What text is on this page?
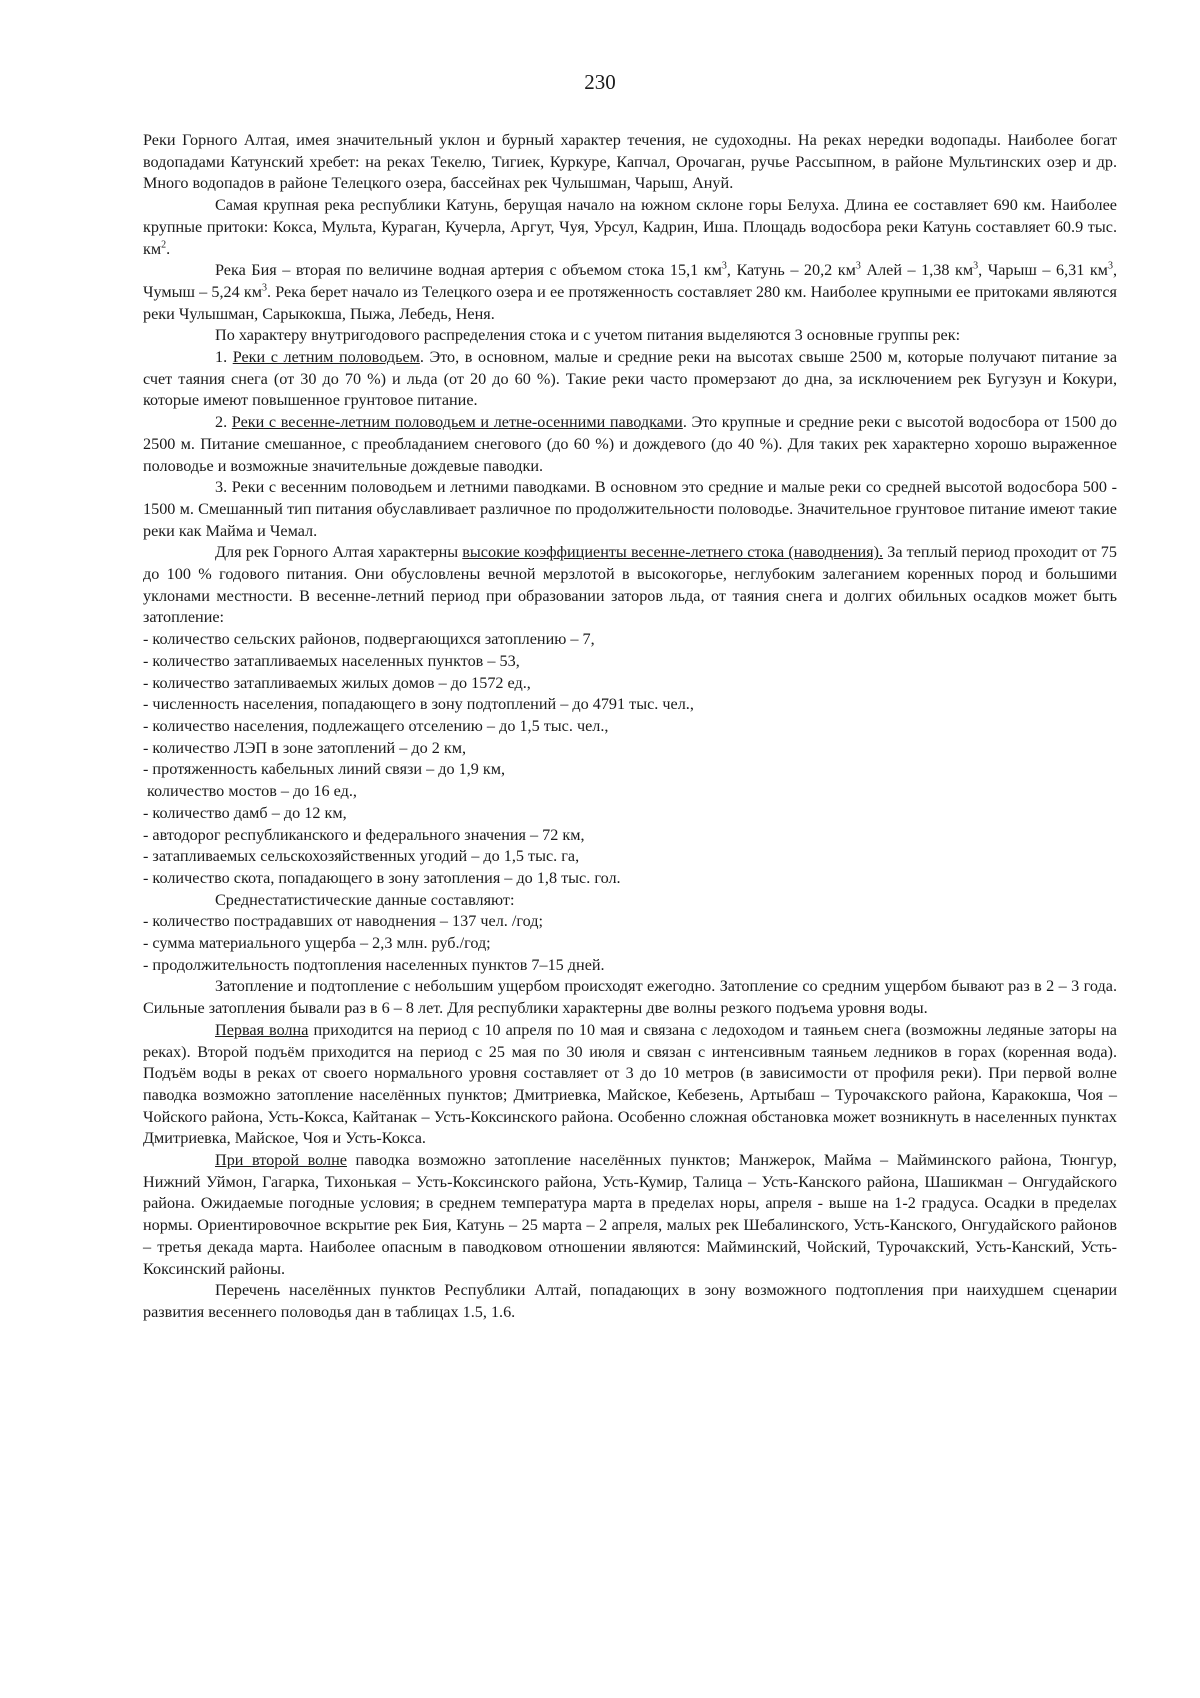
230

Реки Горного Алтая, имея значительный уклон и бурный характер течения, не судоходны. На реках нередки водопады. Наиболее богат водопадами Катунский хребет: на реках Текелю, Тигиек, Куркуре, Капчал, Орочаган, ручье Рассыпном, в районе Мультинских озер и др. Много водопадов в районе Телецкого озера, бассейнах рек Чулышман, Чарыш, Ануй.

Самая крупная река республики Катунь, берущая начало на южном склоне горы Белуха. Длина ее составляет 690 км. Наиболее крупные притоки: Кокса, Мульта, Кураган, Кучерла, Аргут, Чуя, Урсул, Кадрин, Иша. Площадь водосбора реки Катунь составляет 60.9 тыс. $км^2$.

Река Бия – вторая по величине водная артерия с объемом стока 15,1 $км^3$, Катунь – 20,2 $км^3$ Алей – 1,38 $км^3$, Чарыш – 6,31 $км^3$, Чумыш – 5,24 $км^3$. Река берет начало из Телецкого озера и ее протяженность составляет 280 км. Наиболее крупными ее притоками являются реки Чулышман, Сарыкокша, Пыжа, Лебедь, Неня.

По характеру внутригодового распределения стока и с учетом питания выделяются 3 основные группы рек:

1. Реки с летним половодьем. Это, в основном, малые и средние реки на высотах свыше 2500 м, которые получают питание за счет таяния снега (от 30 до 70 %) и льда (от 20 до 60 %). Такие реки часто промерзают до дна, за исключением рек Бугузун и Кокури, которые имеют повышенное грунтовое питание.

2. Реки с весенне-летним половодьем и летне-осенними паводками. Это крупные и средние реки с высотой водосбора от 1500 до 2500 м. Питание смешанное, с преобладанием снегового (до 60 %) и дождевого (до 40 %). Для таких рек характерно хорошо выраженное половодье и возможные значительные дождевые паводки.

3. Реки с весенним половодьем и летними паводками. В основном это средние и малые реки со средней высотой водосбора 500 - 1500 м. Смешанный тип питания обуславливает различное по продолжительности половодье. Значительное грунтовое питание имеют такие реки как Майма и Чемал.

Для рек Горного Алтая характерны высокие коэффициенты весенне-летнего стока (наводнения). За теплый период проходит от 75 до 100 % годового питания. Они обусловлены вечной мерзлотой в высокогорье, неглубоким залеганием коренных пород и большими уклонами местности. В весенне-летний период при образовании заторов льда, от таяния снега и долгих обильных осадков может быть затопление:

- количество сельских районов, подвергающихся затоплению – 7,

- количество затапливаемых населенных пунктов – 53,

- количество затапливаемых жилых домов – до 1572 ед.,

- численность населения, попадающего в зону подтоплений – до 4791 тыс. чел.,

- количество населения, подлежащего отселению – до 1,5 тыс. чел.,

- количество ЛЭП в зоне затоплений – до 2 км,

- протяженность кабельных линий связи – до 1,9 км,

количество мостов – до 16 ед.,

- количество дамб – до 12 км,

- автодорог республиканского и федерального значения – 72 км,

- затапливаемых сельскохозяйственных угодий – до 1,5 тыс. га,

- количество скота, попадающего в зону затопления – до 1,8 тыс. гол.

Среднестатистические данные составляют:

- количество пострадавших от наводнения – 137 чел. /год;

- сумма материального ущерба – 2,3 млн. руб./год;

- продолжительность подтопления населенных пунктов 7–15 дней.

Затопление и подтопление с небольшим ущербом происходят ежегодно. Затопление со средним ущербом бывают раз в 2 – 3 года. Сильные затопления бывали раз в 6 – 8 лет. Для республики характерны две волны резкого подъема уровня воды.

Первая волна приходится на период с 10 апреля по 10 мая и связана с ледоходом и таяньем снега (возможны ледяные заторы на реках). Второй подъём приходится на период с 25 мая по 30 июля и связан с интенсивным таяньем ледников в горах (коренная вода). Подъём воды в реках от своего нормального уровня составляет от 3 до 10 метров (в зависимости от профиля реки). При первой волне паводка возможно затопление населённых пунктов; Дмитриевка, Майское, Кебезень, Артыбаш – Турочакского района, Каракокша, Чоя – Чойского района, Усть-Кокса, Кайтанак – Усть-Коксинского района. Особенно сложная обстановка может возникнуть в населенных пунктах Дмитриевка, Майское, Чоя и Усть-Кокса.

При второй волне паводка возможно затопление населённых пунктов; Манжерок, Майма – Майминского района, Тюнгур, Нижний Уймон, Гагарка, Тихонькая – Усть-Коксинского района, Усть-Кумир, Талица – Усть-Канского района, Шашикман – Онгудайского района. Ожидаемые погодные условия; в среднем температура марта в пределах норы, апреля - выше на 1-2 градуса. Осадки в пределах нормы. Ориентировочное вскрытие рек Бия, Катунь – 25 марта – 2 апреля, малых рек Шебалинского, Усть-Канского, Онгудайского районов – третья декада марта. Наиболее опасным в паводковом отношении являются: Майминский, Чойский, Турочакский, Усть-Канский, Усть-Коксинский районы.

Перечень населённых пунктов Республики Алтай, попадающих в зону возможного подтопления при наихудшем сценарии развития весеннего половодья дан в таблицах 1.5, 1.6.
